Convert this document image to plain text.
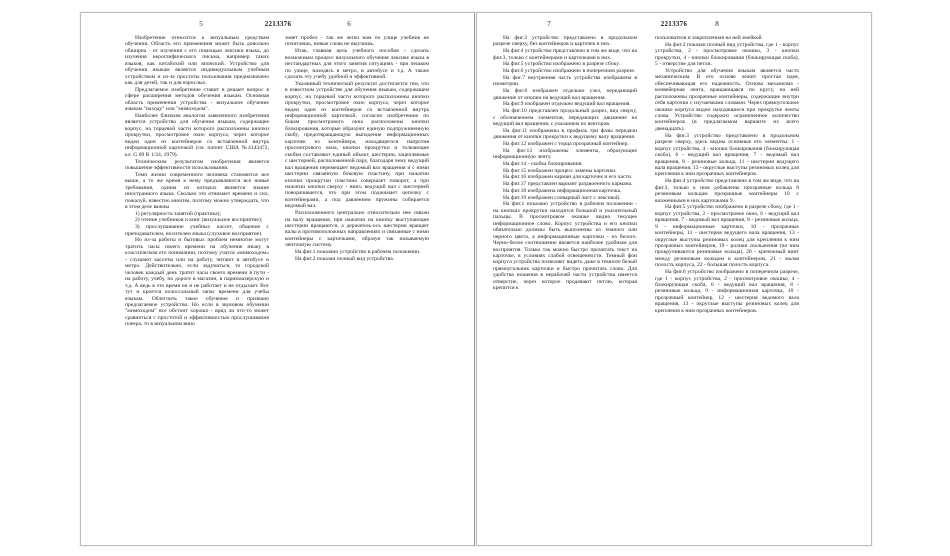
5	2213376	6

Изобретение относится к визуальным средствам обучения. Область его применения может быть довольно обширна - от изучения с его помощью лексики языка, до изучения иероглифического письма, например таких языков, как китайский или японский. Устройство для обучения языкам является индивидуальным учебным устройством и из-за простоты пользования предназначено как для детей, так и для взрослых.

Предлагаемое изобретение ставит в решает вопрос в сфере расширения методов обучения языкам. Основная область применения устройства - визуальное обучение языкам "находу" или "мимоходом".

Наиболее близким аналогом заявленного изобретения является устройство для обучения языкам, содержащее корпус, на торцевой части которого расположены кнопки прокрутки, просмотровое окно корпуса, через которое виден один из контейнеров со вставленной внутрь информационной карточкой (см. патент США №4143472, кл. G 09 B 1/24, 1979).

Техническим результатом изобретения является повышение эффективности использования.

Темп жизни современного человека становится все выше, а то же время к нему предъявляются все новые требования, одним из которых является знание иностранного языка. Сколько это отнимает времени и сил, пожалуй, известно многим, поэтому можно утверждать, что в этом деле важны

1) регулярность занятий (практика);

2) чтение учебников и книг (визуальное восприятие);

3) прослушивание учебных кассет, общение с преподавателем, носителем языка (слуховое восприятие).

Но из-за работы и бытовых проблем немногие могут тратить часы своего времени на обучение языку в классическом его понимании, поэтому учатся «мимоходом» - слушают кассеты или на работу, читают в автобусе и метро. Действительно, если задуматься, то городской человек каждый день тратит часы своего времени в пути - на работу, учебу, по дороге в магазин, в парикмахерскую и т.д. А ведь в это время он и не работает и не отдыхает. Вот тут и кроется колоссальный запас времени для учебы языкам. Облегчить такое обучение и призвано предлагаемое устройство. Но если в звуковом обучении "мимоходом" все обстоит хорошо - вряд ли что-то может сравниться с простотой и эффективностью прослушивания плеера, то в визуальном вино

зияет пробел - так же легко нам по улице учебник не почитаешь, новые слова не выучишь.

Итак, главная цель учебного пособия - сделать возможным процесс визуального обучения лексике языка в нестандартных для этого занятия ситуациях - при пешком по улице, находясь в метро, в автобусе и т.д. А также сделать эту учебу удобной и эффективной.

Указанный технический результат достигается тем, что в известном устройстве для обучения языкам, содержащем корпус, на торцевой части которого расположены кнопки прокрутки, просмотровое окно корпуса, через которое виден один из контейнеров со вставленной внутрь информационной карточкой, согласно изобретению по бокам просмотрового окна расположены кнопки блокирования, которые образуют единую подпружиненную скобу, предотвращающую выпадение информационных карточек из контейнера, находящегося напротив просмотрового окна, кнопки прокрутки и толкающие скобки составляют единый объект, шестерни, зацепляемые с шестерней, расположенной пару, благодаря чему ведущий вал вращения перемещает ведомый вал вращения и с ними шестерни связанную боковую пластину, при нажатии кнопки прокрутки пластина совершает поворот, а при нажатии кнопки сверху - вниз, ведущий вал с шестерней поворачивается, что при этом поджимает цепочку с контейнерами, а под давлением пружины собирается ведомый вал.

Расположенного центрально относительно нее связан на валу вращения, при нажатии на кнопку выступающие шестерни вращаются, а держатель-ось шестерни вращает валы в противоположных направлениях и связанные с ними контейнеры с карточками, образуя так называемую ленточную систему.

На фиг.1 показано устройство в рабочем положении.

На фиг.2 показан полный вид устройства.

7	2213376	8

На фиг.3 устройство представлено в продольном разрезе сверху, без контейнеров и карточек в них.

На фиг.4 устройство представлено в том же виде, что на фиг.3, только с контейнерами и карточками в них.

На фиг.5 устройство изображено в разрезе сбоку.

На фиг.6 устройство изображено в поперечном разрезе.

На фиг.7 внутренняя часть устройства изображена в изометрии.

На фиг.8 изображен отдельно узел, передающий движение от кнопки на ведущий вал вращения.

На фиг.9 изображен отдельно ведущий вал вращения.

На фиг.10 представлен продольный разрез, вид сверху, с обозначением элементов, передающих движение на ведущий вал вращения, с указанием их векторов.

На фиг.11 изображены в профиль три фазы передачи движения от кнопки прокрутки к ведущему валу вращения.

На фиг.12 изображен с торца прозрачный контейнер.

На фиг.13 изображены элементы, образующие информационную ленту.

На фиг.14 - скобка блокирования.

На фиг.15 изображен процесс замены карточки.

На фиг.16 изображен карман для карточек и его части.

На фиг.17 представлен вариант раздвоенного кармана.

На фиг.18 изображена информационная карточка.

На фиг.19 изображен словарный лист с лексикой.

На фиг.1 показано устройство в рабочем положении - на кнопках прокрутки находятся большой и указательный пальцы. В просмотровом окошке видно текущее информационное слово. Корпус устройства и его кнопки обязательно должны быть выполнены из темного или черного цвета, а информационные карточки - из белого. Черно-белое соотношение является наиболее удобным для восприятия. Только так можно быстро прочитать текст на карточке, в условиях слабой освещенности. Темный фон корпуса устройства позволяет видеть даже в темноте белый прямоугольник карточки и быстро прочитать слово. Для удобства ношения в нерабочей части устройства имеется отверстие, через которое продевают петлю, которая крепится к

пользователя и закрепленная на ней змейкой.

На фиг.2 показан полный вид устройства, где 1 - корпус устройства, 2 - просмотровое окошко, 3 - кнопки прокрутки, 4 - кнопки блокирования (блокирующая скоба), 5 - отверстие для петли.

Устройство для обучения языкам является часто механическим. В его основе лежит простая идея, обеспечивающая его надежность. Основа механизма - конвейерная лента, вращающаяся по кругу, на ней расположены прозрачные контейнеры, содержащие внутри себя карточки с изучаемыми словами. Через прямоугольное окошко корпуса видно находящиеся при прокрутке ленты слова. Устройство содержит ограниченное количество контейнеров (в предлагаемом варианте их всего двенадцать).

На фиг.3 устройство представлено в продольном разрезе сверху, здесь видны основные его элементы: 1 - корпус устройства, 4 - кнопки блокирования (блокирующая скоба), 6 - ведущий вал вращения, 7 - ведомый вал вращения, 8 - резиновые кольца, 11 - шестерни ведущего вала вращения, 13 - округлые выступы резиновых колец для крепления к ним прозрачных контейнеров.

На фиг.4 устройство представлено в том же виде, что на фиг.3, только к ним добавлены прозрачные кольца 8 резиновым кольцам прозрачные контейнеры 10 с вложенными в них карточками 9.

На фиг.5 устройство изображено в разрезе сбоку, где 1 - корпус устройства, 2 - просмотровое окно, 6 - ведущий вал вращения, 7 - ведомый вал вращения, 8 - резиновые кольца, 9 - информационные карточки, 10 - прозрачные контейнеры, 11 - шестерня ведущего вала вращения, 13 - округлые выступы резиновых колец для крепления к ним прозрачных контейнеров, 19 - ролики скольжения (по ним прокручиваются резиновые кольца), 20 - крепежный винт между резиновым кольцом и контейнером, 21 - малая полость корпуса, 22 - большая полость корпуса.

На фиг.6 устройство изображено в поперечном разрезе, где 1 - корпус устройства, 2 - просмотровое окошко, 4 - блокирующая скоба, 6 - ведущий вал вращения, 8 - резиновые кольца, 9 - информационная карточка, 10 - прозрачный контейнер, 12 - шестерня ведомого вала вращения, 13 - округлые выступы резиновых колец для крепления к ним прозрачных контейнеров.
